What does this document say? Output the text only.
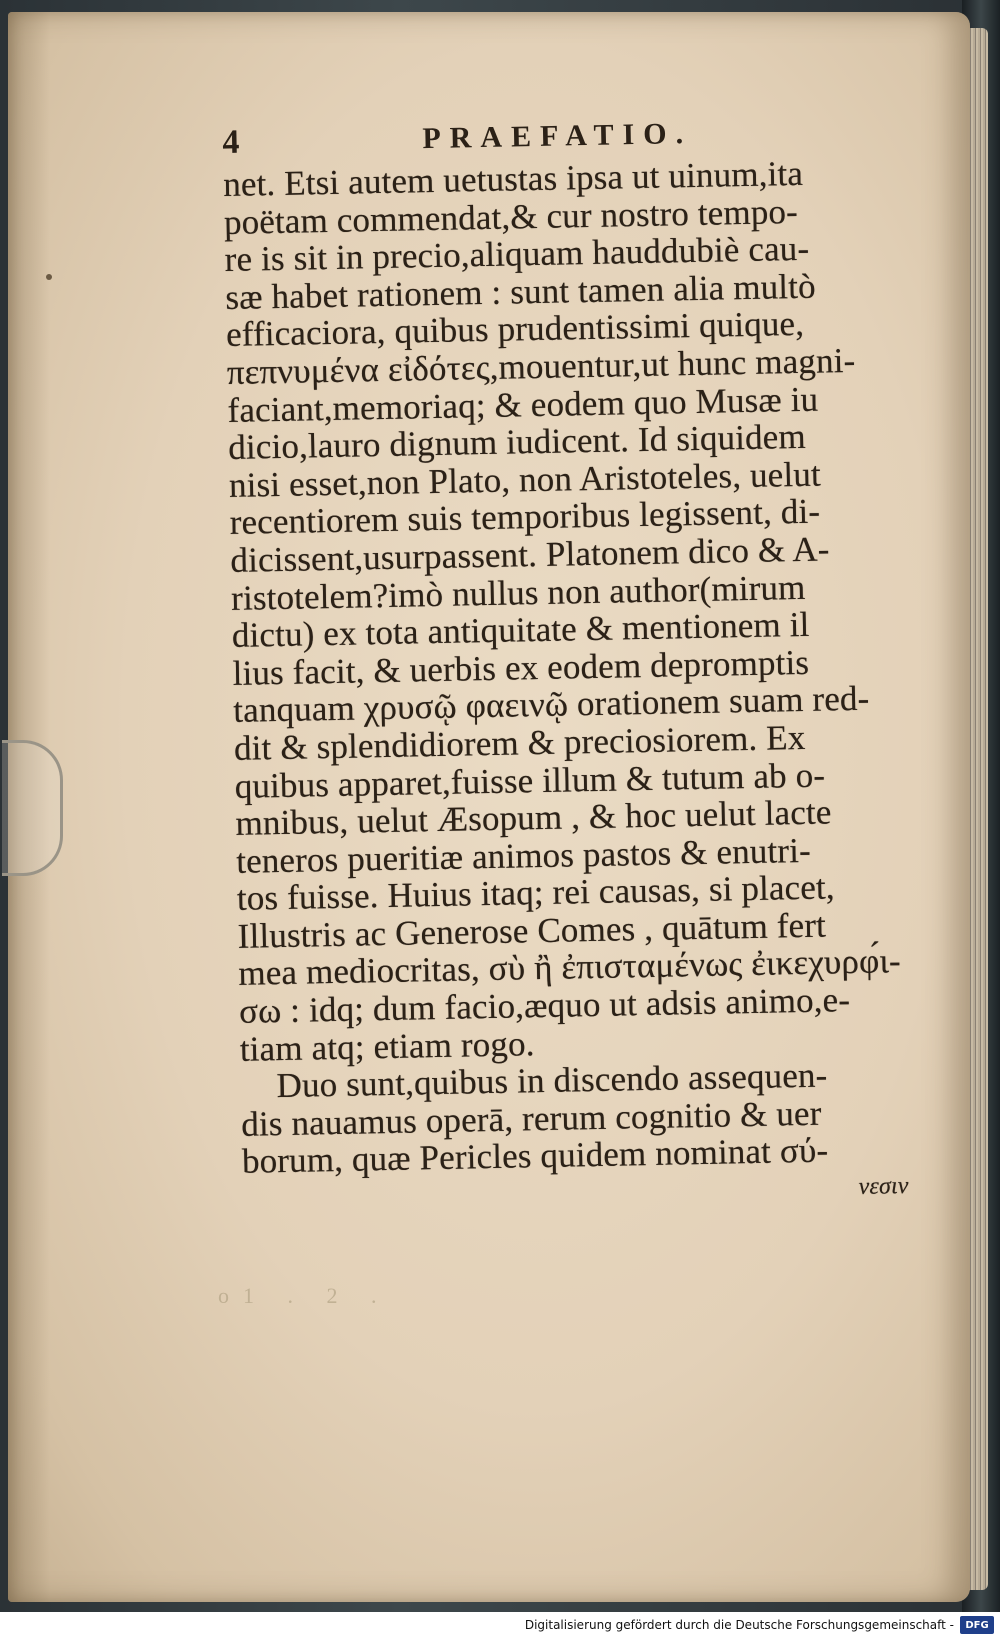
4	PRAEFATIO.
net. Etsi autem uetustas ipsa ut uinum,ita
poëtam commendat,& cur nostro tempo-
re is sit in precio,aliquam hauddubiè cau-
sæ habet rationem : sunt tamen alia multò
efficaciora, quibus prudentissimi quique,
πεπνυμένα εἰδότες,mouentur,ut hunc magni-
faciant,memoriaq; & eodem quo Musæ iu
dicio,lauro dignum iudicent. Id siquidem
nisi esset,non Plato, non Aristoteles, uelut
recentiorem suis temporibus legissent, di-
dicissent,usurpassent. Platonem dico & A-
ristotelem?imò nullus non author(mirum
dictu) ex tota antiquitate & mentionem il
lius facit, & uerbis ex eodem depromptis
tanquam χρυσῷ φαεινῷ orationem suam red-
dit & splendidiorem & preciosiorem. Ex
quibus apparet,fuisse illum & tutum ab o-
mnibus, uelut Æsopum , & hoc uelut lacte
teneros pueritiæ animos pastos & enutri-
tos fuisse. Huius itaq; rei causas, si placet,
Illustris ac Generose Comes , quātum fert
mea mediocritas, σὺ ἢ ἐπισταμένως ἐικεχυρφ́ι-
σω : idq; dum facio,æquo ut adsis animo,e-
tiam atq; etiam rogo.
Duo sunt,quibus in discendo assequen-
dis nauamus operā, rerum cognitio & uer
borum, quæ Pericles quidem nominat σύ-
νεσιν
o1 . 2 .
Digitalisierung gefördert durch die Deutsche Forschungsgemeinschaft -	DFG
